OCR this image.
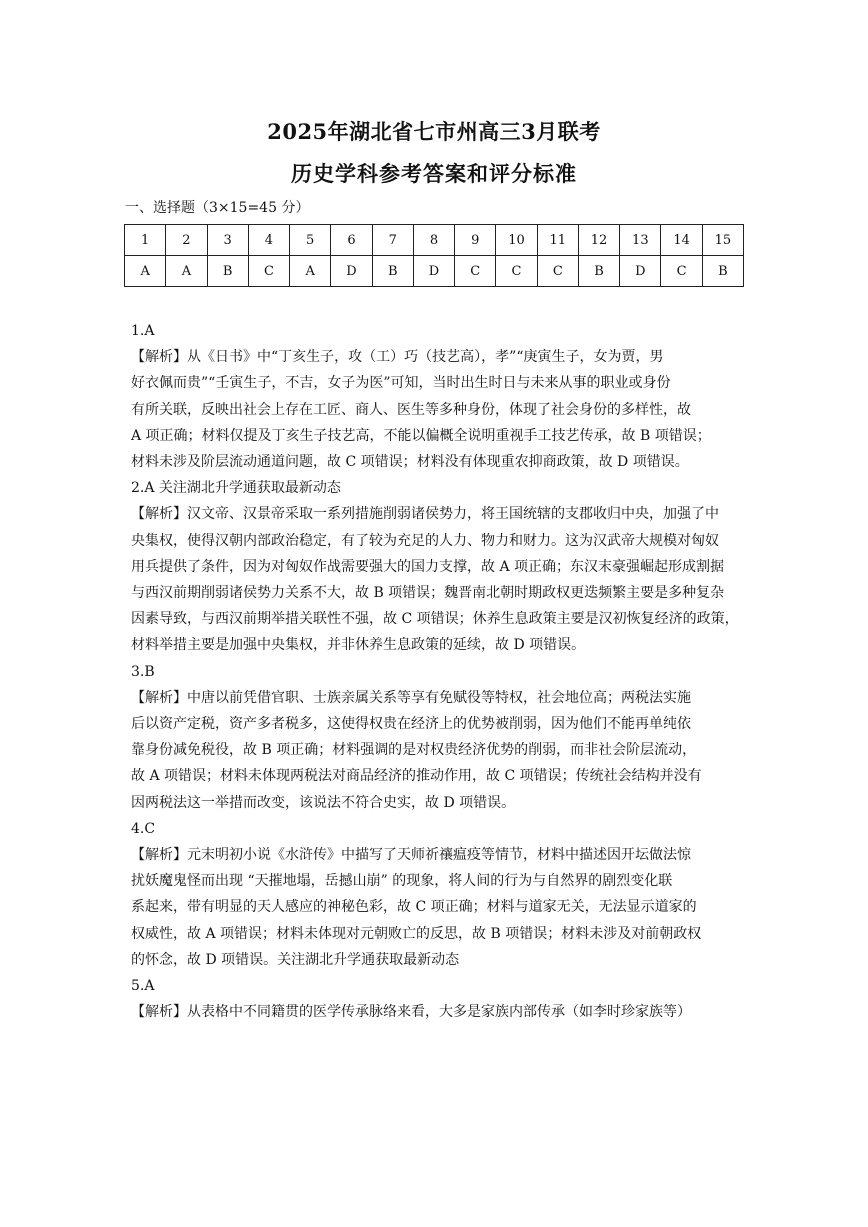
2025年湖北省七市州高三3月联考
历史学科参考答案和评分标准
一、选择题（3×15=45 分）
1	2	3	4	5	6	7	8	9	10	11	12	13	14	15
A	A	B	C	A	D	B	D	C	C	C	B	D	C	B

1.A

【解析】从《日书》中“丁亥生子，攻（工）巧（技艺高），孝”“庚寅生子，女为贾，男

好衣佩而贵”“壬寅生子，不吉，女子为医”可知，当时出生时日与未来从事的职业或身份

有所关联，反映出社会上存在工匠、商人、医生等多种身份，体现了社会身份的多样性，故

A 项正确；材料仅提及丁亥生子技艺高，不能以偏概全说明重视手工技艺传承，故 B 项错误；

材料未涉及阶层流动通道问题，故 C 项错误；材料没有体现重农抑商政策，故 D 项错误。

2.A 关注湖北升学通获取最新动态

【解析】汉文帝、汉景帝采取一系列措施削弱诸侯势力，将王国统辖的支郡收归中央，加强了中

央集权，使得汉朝内部政治稳定，有了较为充足的人力、物力和财力。这为汉武帝大规模对匈奴

用兵提供了条件，因为对匈奴作战需要强大的国力支撑，故 A 项正确；东汉末豪强崛起形成割据

与西汉前期削弱诸侯势力关系不大，故 B 项错误；魏晋南北朝时期政权更迭频繁主要是多种复杂

因素导致，与西汉前期举措关联性不强，故 C 项错误；休养生息政策主要是汉初恢复经济的政策，

材料举措主要是加强中央集权，并非休养生息政策的延续，故 D 项错误。

3.B

【解析】中唐以前凭借官职、士族亲属关系等享有免赋役等特权，社会地位高；两税法实施

后以资产定税，资产多者税多，这使得权贵在经济上的优势被削弱，因为他们不能再单纯依

靠身份减免税役，故 B 项正确；材料强调的是对权贵经济优势的削弱，而非社会阶层流动，

故 A 项错误；材料未体现两税法对商品经济的推动作用，故 C 项错误；传统社会结构并没有

因两税法这一举措而改变，该说法不符合史实，故 D 项错误。

4.C

【解析】元末明初小说《水浒传》中描写了天师祈禳瘟疫等情节，材料中描述因开坛做法惊

扰妖魔鬼怪而出现 “天摧地塌，岳撼山崩” 的现象，将人间的行为与自然界的剧烈变化联

系起来，带有明显的天人感应的神秘色彩，故 C 项正确；材料与道家无关，无法显示道家的

权威性，故 A 项错误；材料未体现对元朝败亡的反思，故 B 项错误；材料未涉及对前朝政权

的怀念，故 D 项错误。关注湖北升学通获取最新动态

5.A

【解析】从表格中不同籍贯的医学传承脉络来看，大多是家族内部传承（如李时珍家族等）
